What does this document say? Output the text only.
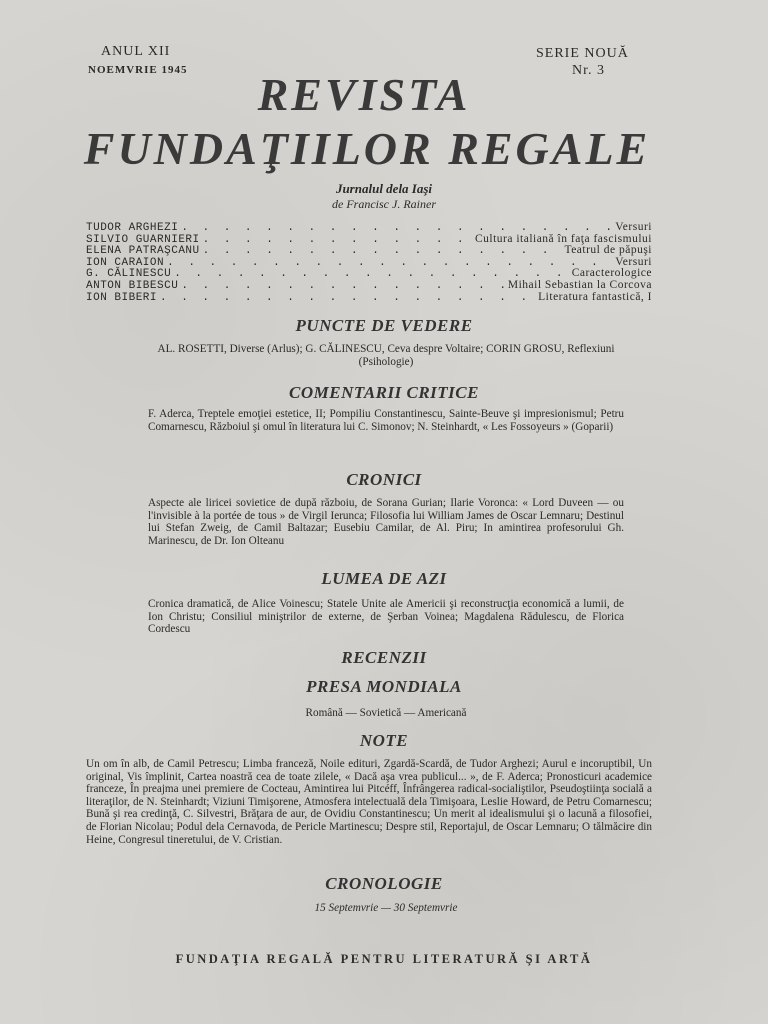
ANUL XII
NOEMVRIE 1945
SERIE NOUĂ
Nr. 3
REVISTA
FUNDAŢIILOR REGALE
Jurnalul dela Iaşi
de Francisc J. Rainer
TUDOR ARGHEZI . . .	Versuri
SILVIO GUARNIERI . . .	Cultura italiană în faţa fascismului
ELENA PATRAŞCANU . . .	Teatrul de păpuşi
ION CARAION . . .	Versuri
G. CĂLINESCU . . .	Caracterologice
ANTON BIBESCU . . .	Mihail Sebastian la Corcova
ION BIBERI . . .	Literatura fantastică, I
PUNCTE DE VEDERE
AL. ROSETTI, Diverse (Arlus); G. CĂLINESCU, Ceva despre Voltaire; CORIN GROSU, Reflexiuni (Psihologie)
COMENTARII CRITICE
F. Aderca, Treptele emoţiei estetice, II; Pompiliu Constantinescu, Sainte-Beuve şi impresionismul; Petru Comarnescu, Războiul şi omul în literatura lui C. Simonov; N. Steinhardt, « Les Fossoyeurs » (Goparii)
CRONICI
Aspecte ale liricei sovietice de după războiu, de Sorana Gurian; Ilarie Voronca: « Lord Duveen — ou l'invisible à la portée de tous » de Virgil Ierunca; Filosofia lui William James de Oscar Lemnaru; Destinul lui Stefan Zweig, de Camil Baltazar; Eusebiu Camilar, de Al. Piru; In amintirea profesorului Gh. Marinescu, de Dr. Ion Olteanu
LUMEA DE AZI
Cronica dramatică, de Alice Voinescu; Statele Unite ale Americii şi reconstrucţia economică a lumii, de Ion Christu; Consiliul miniştrilor de externe, de Şerban Voinea; Magdalena Rădulescu, de Florica Cordescu
RECENZII
PRESA MONDIALA
Română — Sovietică — Americană
NOTE
Un om în alb, de Camil Petrescu; Limba franceză, Noile edituri, Zgardă-Scardă, de Tudor Arghezi; Aurul e incoruptibil, Un original, Vis împlinit, Cartea noastră cea de toate zilele, « Dacă aşa vrea publicul... », de F. Aderca; Pronosticuri academice franceze, În preajma unei premiere de Cocteau, Amintirea lui Pitcéff, Înfrângerea radical-socialiştilor, Pseudoştiinţa socială a literaţilor, de N. Steinhardt; Viziuni Timişorene, Atmosfera intelectuală dela Timişoara, Leslie Howard, de Petru Comarnescu; Bună şi rea credinţă, C. Silvestri, Brăţara de aur, de Ovidiu Constantinescu; Un merit al idealismului şi o lacună a filosofiei, de Florian Nicolau; Podul dela Cernavoda, de Pericle Martinescu; Despre stil, Reportajul, de Oscar Lemnaru; O tălmăcire din Heine, Congresul tineretului, de V. Cristian.
CRONOLOGIE
15 Septemvrie — 30 Septemvrie
FUNDAŢIA REGALĂ PENTRU LITERATURĂ ŞI ARTĂ
